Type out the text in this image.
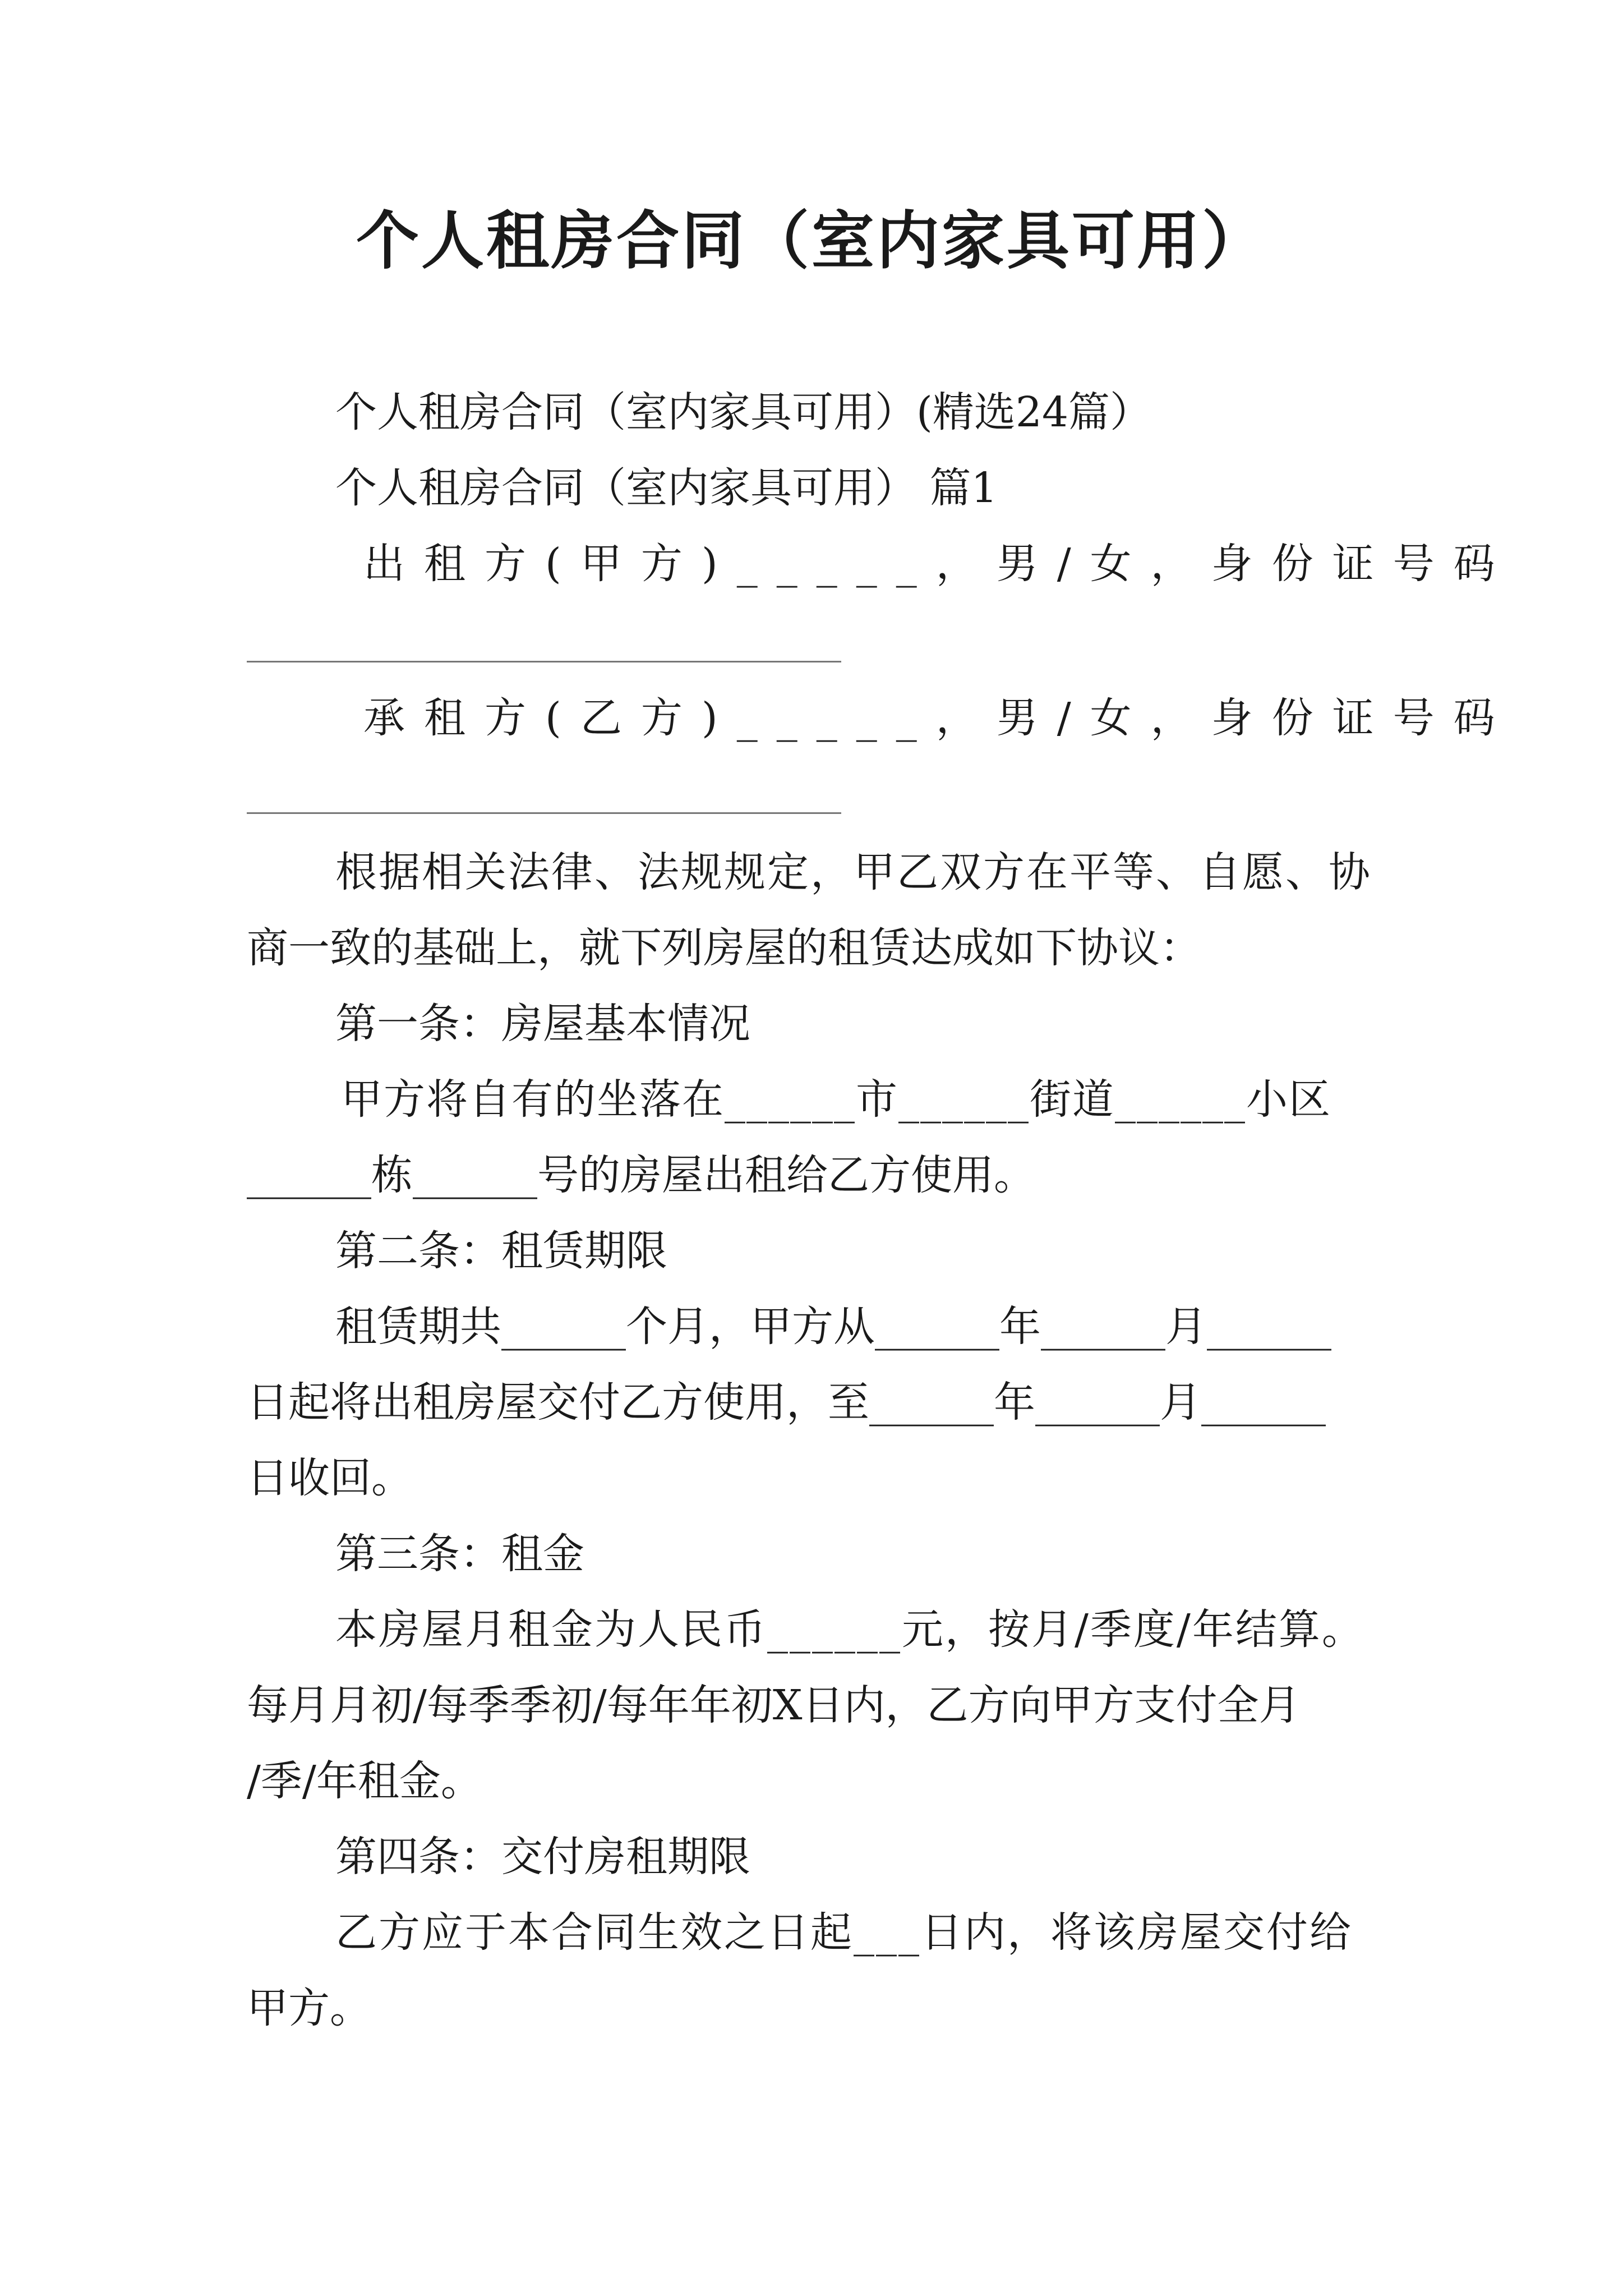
个人租房合同（室内家具可用）
个人租房合同（室内家具可用）(精选24篇）
个人租房合同（室内家具可用） 篇1
出租方(甲方)_____，男/女，身份证号码
承租方(乙方)_____，男/女，身份证号码
根据相关法律、法规规定，甲乙双方在平等、自愿、协
商一致的基础上，就下列房屋的租赁达成如下协议：
第一条：房屋基本情况
甲方将自有的坐落在______市______街道______小区
______栋______号的房屋出租给乙方使用。
第二条：租赁期限
租赁期共______个月，甲方从______年______月______
日起将出租房屋交付乙方使用，至______年______月______
日收回。
第三条：租金
本房屋月租金为人民币______元，按月/季度/年结算。
每月月初/每季季初/每年年初X日内，乙方向甲方支付全月
/季/年租金。
第四条：交付房租期限
乙方应于本合同生效之日起___日内，将该房屋交付给
甲方。
